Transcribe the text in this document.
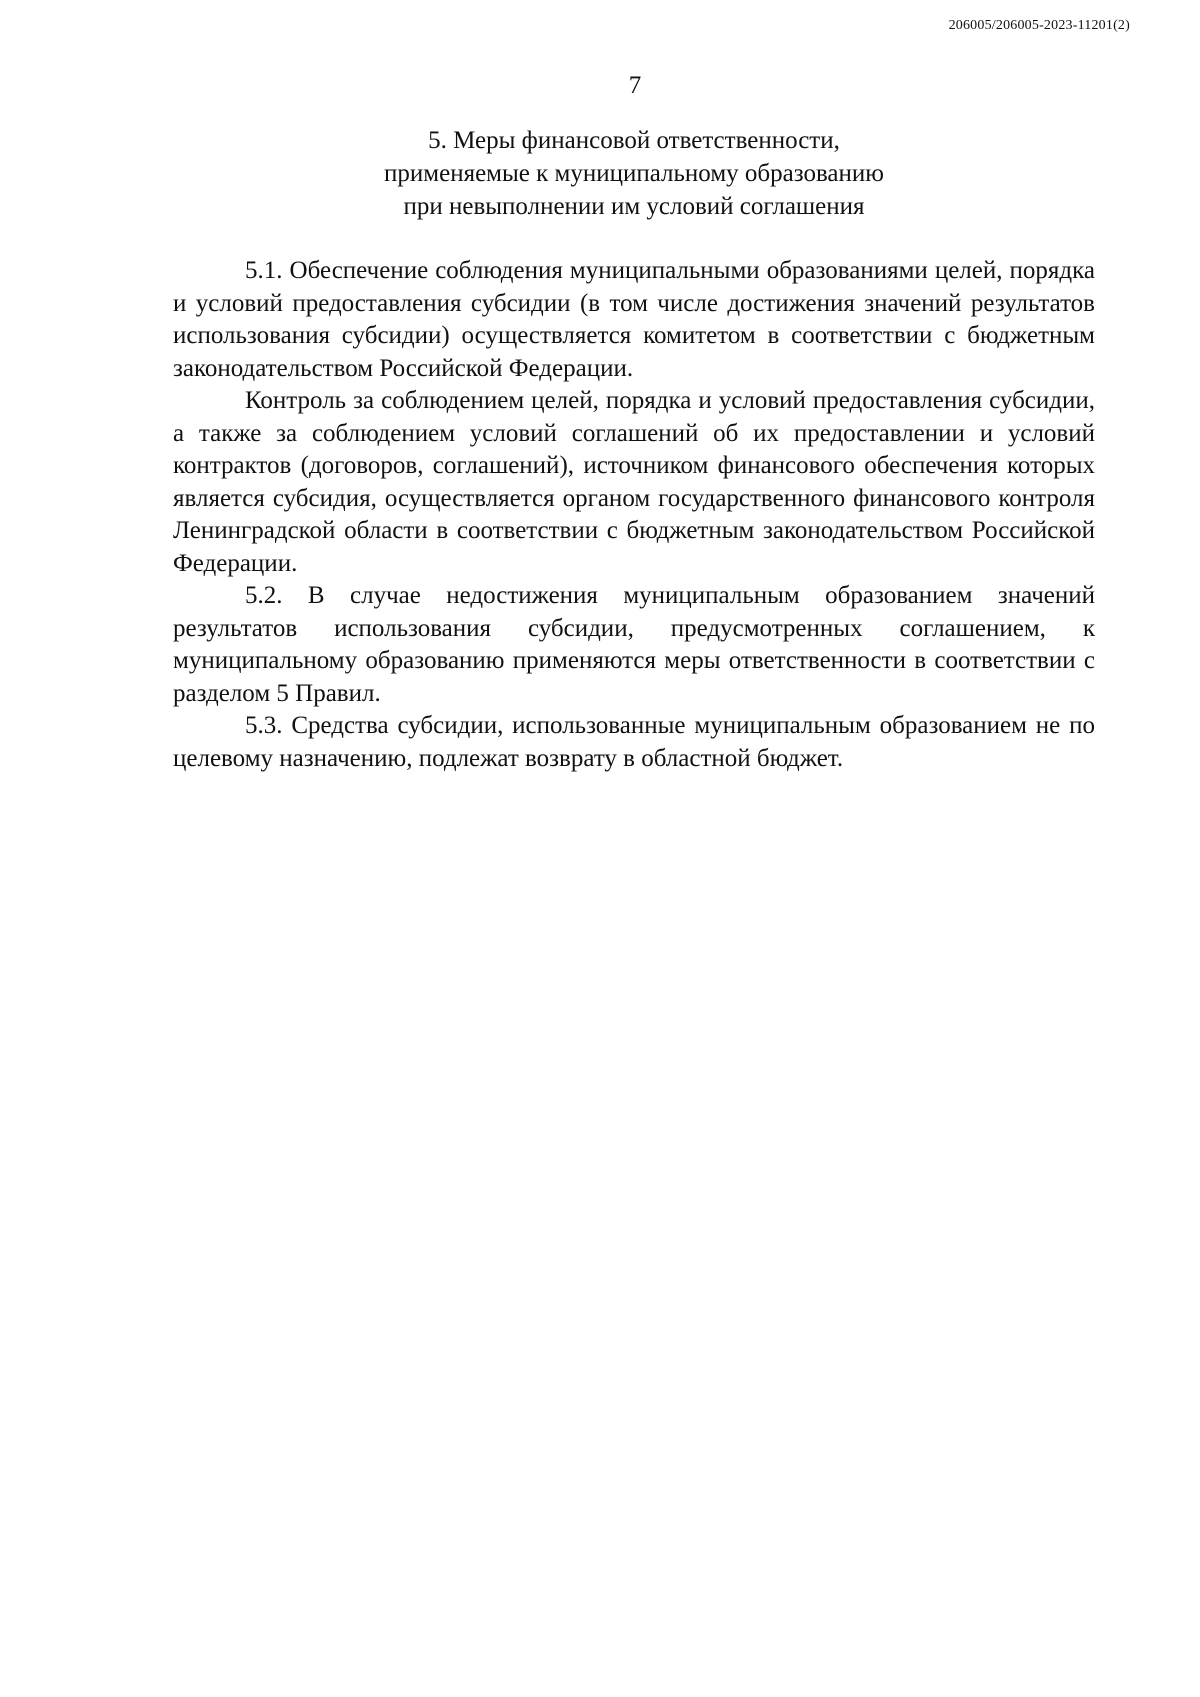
206005/206005-2023-11201(2)
7
5. Меры финансовой ответственности,
применяемые к муниципальному образованию
при невыполнении им условий соглашения

5.1. Обеспечение соблюдения муниципальными образованиями целей, порядка и условий предоставления субсидии (в том числе достижения значений результатов использования субсидии) осуществляется комитетом в соответствии с бюджетным законодательством Российской Федерации.

Контроль за соблюдением целей, порядка и условий предоставления субсидии, а также за соблюдением условий соглашений об их предоставлении и условий контрактов (договоров, соглашений), источником финансового обеспечения которых является субсидия, осуществляется органом государственного финансового контроля Ленинградской области в соответствии с бюджетным законодательством Российской Федерации.

5.2. В случае недостижения муниципальным образованием значений результатов использования субсидии, предусмотренных соглашением, к муниципальному образованию применяются меры ответственности в соответствии с разделом 5 Правил.

5.3. Средства субсидии, использованные муниципальным образованием не по целевому назначению, подлежат возврату в областной бюджет.
